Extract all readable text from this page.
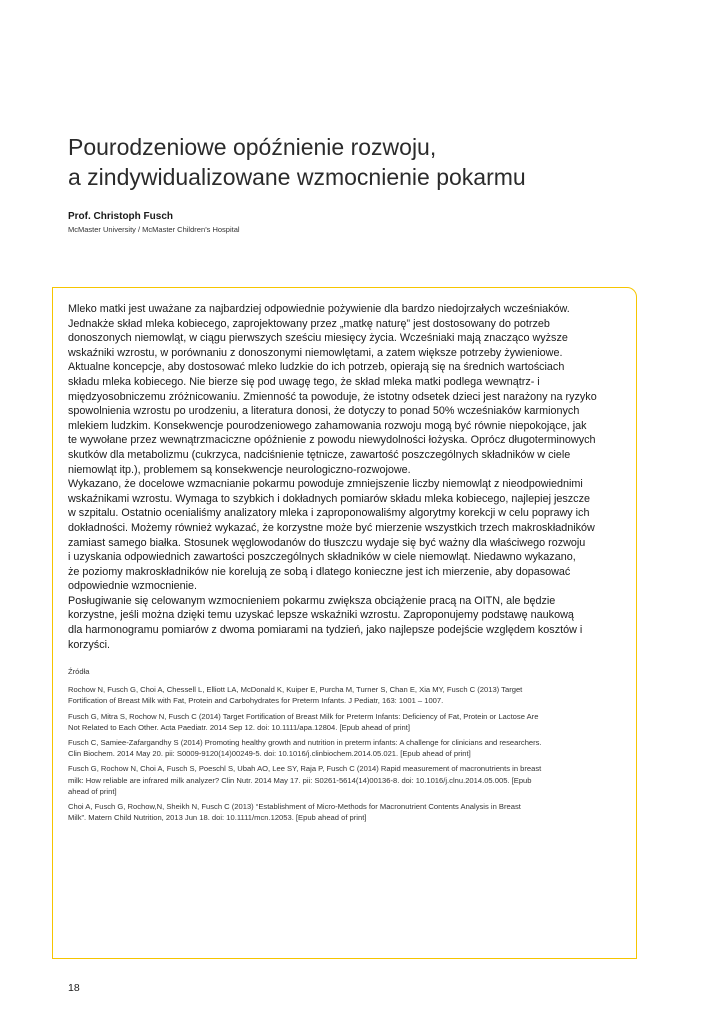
Pourodzeniowe opóźnienie rozwoju,
a zindywidualizowane wzmocnienie pokarmu
Prof. Christoph Fusch
McMaster University / McMaster Children’s Hospital
Mleko matki jest uważane za najbardziej odpowiednie pożywienie dla bardzo niedojrzałych wcześniaków.
Jednakże skład mleka kobiecego, zaprojektowany przez „matkę naturę” jest dostosowany do potrzeb
donoszonych niemowląt, w ciągu pierwszych sześciu miesięcy życia. Wcześniaki mają znacząco wyższe
wskaźniki wzrostu, w porównaniu z donoszonymi niemowlętami, a zatem większe potrzeby żywieniowe.
Aktualne koncepcje, aby dostosować mleko ludzkie do ich potrzeb, opierają się na średnich wartościach
składu mleka kobiecego. Nie bierze się pod uwagę tego, że skład mleka matki podlega wewnątrz- i
międzyosobniczemu zróżnicowaniu. Zmienność ta powoduje, że istotny odsetek dzieci jest narażony na ryzyko
spowolnienia wzrostu po urodzeniu, a literatura donosi, że dotyczy to ponad 50% wcześniaków karmionych
mlekiem ludzkim. Konsekwencje pourodzeniowego zahamowania rozwoju mogą być równie niepokojące, jak
te wywołane przez wewnątrzmaciczne opóźnienie z powodu niewydolności łożyska. Oprócz długoterminowych
skutków dla metabolizmu (cukrzyca, nadciśnienie tętnicze, zawartość poszczególnych składników w ciele
niemowląt itp.), problemem są konsekwencje neurologiczno-rozwojowe.
Wykazano, że docelowe wzmacnianie pokarmu powoduje zmniejszenie liczby niemowląt z nieodpowiednimi
wskaźnikami wzrostu. Wymaga to szybkich i dokładnych pomiarów składu mleka kobiecego, najlepiej jeszcze
w szpitalu. Ostatnio ocenialiśmy analizatory mleka i zaproponowaliśmy algorytmy korekcji w celu poprawy ich
dokładności. Możemy również wykazać, że korzystne może być mierzenie wszystkich trzech makroskładników
zamiast samego białka. Stosunek węglowodanów do tłuszczu wydaje się być ważny dla właściwego rozwoju
i uzyskania odpowiednich zawartości poszczególnych składników w ciele niemowląt. Niedawno wykazano,
że poziomy makroskładników nie korelują ze sobą i dlatego konieczne jest ich mierzenie, aby dopasować
odpowiednie wzmocnienie.
Posługiwanie się celowanym wzmocnieniem pokarmu zwiększa obciążenie pracą na OITN, ale będzie
korzystne, jeśli można dzięki temu uzyskać lepsze wskaźniki wzrostu. Zaproponujemy podstawę naukową
dla harmonogramu pomiarów z dwoma pomiarami na tydzień, jako najlepsze podejście względem kosztów i
korzyści.
Źródła
Rochow N, Fusch G, Choi A, Chessell L, Elliott LA, McDonald K, Kuiper E, Purcha M, Turner S, Chan E, Xia MY, Fusch C (2013) Target
Fortification of Breast Milk with Fat, Protein and Carbohydrates for Preterm Infants. J Pediatr, 163: 1001 – 1007.
Fusch G, Mitra S, Rochow N, Fusch C (2014) Target Fortification of Breast Milk for Preterm Infants: Deficiency of Fat, Protein or Lactose Are
Not Related to Each Other. Acta Paediatr. 2014 Sep 12. doi: 10.1111/apa.12804. [Epub ahead of print]
Fusch C, Samiee-Zafargandhy S (2014) Promoting healthy growth and nutrition in preterm infants: A challenge for clinicians and researchers.
Clin Biochem. 2014 May 20. pii: S0009-9120(14)00249-5. doi: 10.1016/j.clinbiochem.2014.05.021. [Epub ahead of print]
Fusch G, Rochow N, Choi A, Fusch S, Poeschl S, Ubah AO, Lee SY, Raja P, Fusch C (2014) Rapid measurement of macronutrients in breast
milk: How reliable are infrared milk analyzer? Clin Nutr. 2014 May 17. pii: S0261-5614(14)00136-8. doi: 10.1016/j.clnu.2014.05.005. [Epub
ahead of print]
Choi A, Fusch G, Rochow,N, Sheikh N, Fusch C (2013) “Establishment of Micro-Methods for Macronutrient Contents Analysis in Breast
Milk”. Matern Child Nutrition, 2013 Jun 18. doi: 10.1111/mcn.12053. [Epub ahead of print]
18
